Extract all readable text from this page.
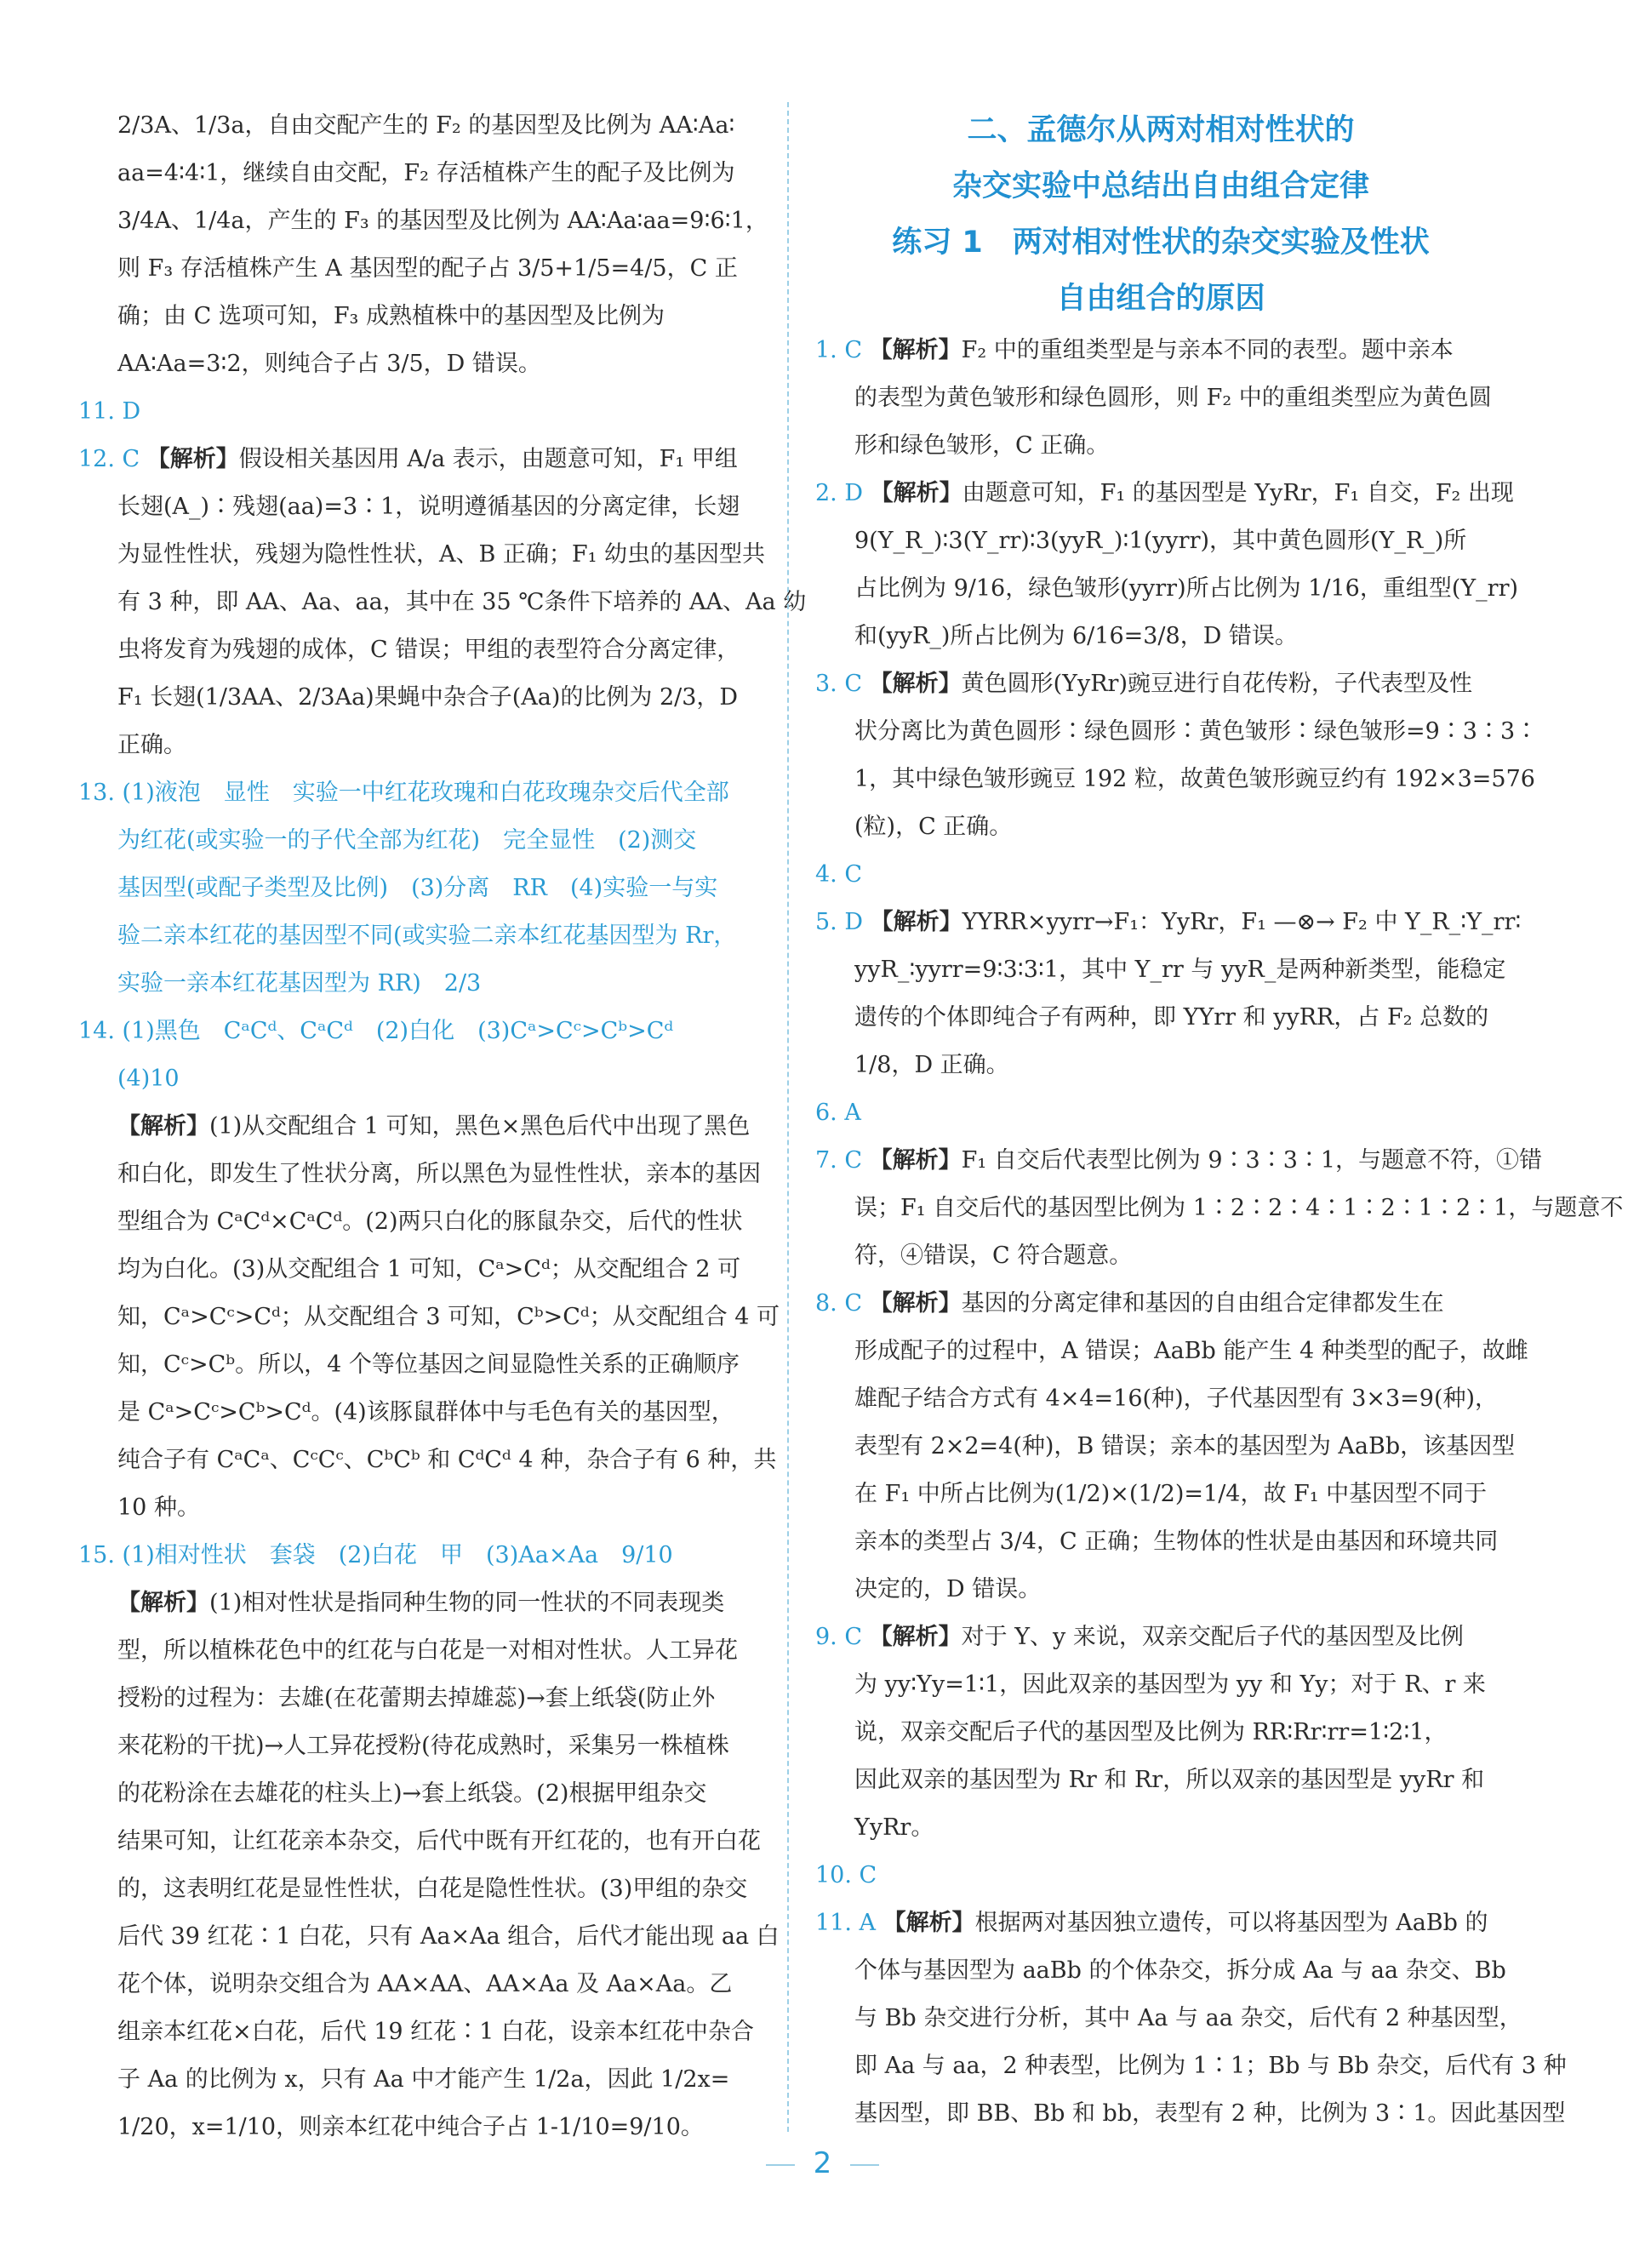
2/3A、1/3a，自由交配产生的 F₂ 的基因型及比例为 AA∶Aa∶

aa=4∶4∶1，继续自由交配，F₂ 存活植株产生的配子及比例为

3/4A、1/4a，产生的 F₃ 的基因型及比例为 AA∶Aa∶aa=9∶6∶1，

则 F₃ 存活植株产生 A 基因型的配子占 3/5+1/5=4/5，C 正

确；由 C 选项可知，F₃ 成熟植株中的基因型及比例为

AA∶Aa=3∶2，则纯合子占 3/5，D 错误。

11. D

12. C 【解析】假设相关基因用 A/a 表示，由题意可知，F₁ 甲组

长翅(A_)∶残翅(aa)=3∶1，说明遵循基因的分离定律，长翅

为显性性状，残翅为隐性性状，A、B 正确；F₁ 幼虫的基因型共

有 3 种，即 AA、Aa、aa，其中在 35 ℃条件下培养的 AA、Aa 幼

虫将发育为残翅的成体，C 错误；甲组的表型符合分离定律，

F₁ 长翅(1/3AA、2/3Aa)果蝇中杂合子(Aa)的比例为 2/3，D

正确。

13. (1)液泡　显性　实验一中红花玫瑰和白花玫瑰杂交后代全部

为红花(或实验一的子代全部为红花)　完全显性　(2)测交

基因型(或配子类型及比例)　(3)分离　RR　(4)实验一与实

验二亲本红花的基因型不同(或实验二亲本红花基因型为 Rr，

实验一亲本红花基因型为 RR)　2/3

14. (1)黑色　CᵃCᵈ、CᵃCᵈ　(2)白化　(3)Cᵃ>Cᶜ>Cᵇ>Cᵈ

(4)10

【解析】(1)从交配组合 1 可知，黑色×黑色后代中出现了黑色

和白化，即发生了性状分离，所以黑色为显性性状，亲本的基因

型组合为 CᵃCᵈ×CᵃCᵈ。(2)两只白化的豚鼠杂交，后代的性状

均为白化。(3)从交配组合 1 可知，Cᵃ>Cᵈ；从交配组合 2 可

知，Cᵃ>Cᶜ>Cᵈ；从交配组合 3 可知，Cᵇ>Cᵈ；从交配组合 4 可

知，Cᶜ>Cᵇ。所以，4 个等位基因之间显隐性关系的正确顺序

是 Cᵃ>Cᶜ>Cᵇ>Cᵈ。(4)该豚鼠群体中与毛色有关的基因型，

纯合子有 CᵃCᵃ、CᶜCᶜ、CᵇCᵇ 和 CᵈCᵈ 4 种，杂合子有 6 种，共

10 种。

15. (1)相对性状　套袋　(2)白花　甲　(3)Aa×Aa　9/10

【解析】(1)相对性状是指同种生物的同一性状的不同表现类

型，所以植株花色中的红花与白花是一对相对性状。人工异花

授粉的过程为：去雄(在花蕾期去掉雄蕊)→套上纸袋(防止外

来花粉的干扰)→人工异花授粉(待花成熟时，采集另一株植株

的花粉涂在去雄花的柱头上)→套上纸袋。(2)根据甲组杂交

结果可知，让红花亲本杂交，后代中既有开红花的，也有开白花

的，这表明红花是显性性状，白花是隐性性状。(3)甲组的杂交

后代 39 红花∶1 白花，只有 Aa×Aa 组合，后代才能出现 aa 白

花个体，说明杂交组合为 AA×AA、AA×Aa 及 Aa×Aa。乙

组亲本红花×白花，后代 19 红花∶1 白花，设亲本红花中杂合

子 Aa 的比例为 x，只有 Aa 中才能产生 1/2a，因此 1/2x=

1/20，x=1/10，则亲本红花中纯合子占 1-1/10=9/10。

二、孟德尔从两对相对性状的

杂交实验中总结出自由组合定律

练习 1　两对相对性状的杂交实验及性状

自由组合的原因

1. C 【解析】F₂ 中的重组类型是与亲本不同的表型。题中亲本

的表型为黄色皱形和绿色圆形，则 F₂ 中的重组类型应为黄色圆

形和绿色皱形，C 正确。

2. D 【解析】由题意可知，F₁ 的基因型是 YyRr，F₁ 自交，F₂ 出现

9(Y_R_)∶3(Y_rr)∶3(yyR_)∶1(yyrr)，其中黄色圆形(Y_R_)所

占比例为 9/16，绿色皱形(yyrr)所占比例为 1/16，重组型(Y_rr)

和(yyR_)所占比例为 6/16=3/8，D 错误。

3. C 【解析】黄色圆形(YyRr)豌豆进行自花传粉，子代表型及性

状分离比为黄色圆形∶绿色圆形∶黄色皱形∶绿色皱形=9∶3∶3∶

1，其中绿色皱形豌豆 192 粒，故黄色皱形豌豆约有 192×3=576

(粒)，C 正确。

4. C

5. D 【解析】YYRR×yyrr→F₁：YyRr，F₁ —⊗→ F₂ 中 Y_R_∶Y_rr∶

yyR_∶yyrr=9∶3∶3∶1，其中 Y_rr 与 yyR_是两种新类型，能稳定

遗传的个体即纯合子有两种，即 YYrr 和 yyRR，占 F₂ 总数的

1/8，D 正确。

6. A

7. C 【解析】F₁ 自交后代表型比例为 9∶3∶3∶1，与题意不符，①错

误；F₁ 自交后代的基因型比例为 1∶2∶2∶4∶1∶2∶1∶2∶1，与题意不

符，④错误，C 符合题意。

8. C 【解析】基因的分离定律和基因的自由组合定律都发生在

形成配子的过程中，A 错误；AaBb 能产生 4 种类型的配子，故雌

雄配子结合方式有 4×4=16(种)，子代基因型有 3×3=9(种)，

表型有 2×2=4(种)，B 错误；亲本的基因型为 AaBb，该基因型

在 F₁ 中所占比例为(1/2)×(1/2)=1/4，故 F₁ 中基因型不同于

亲本的类型占 3/4，C 正确；生物体的性状是由基因和环境共同

决定的，D 错误。

9. C 【解析】对于 Y、y 来说，双亲交配后子代的基因型及比例

为 yy∶Yy=1∶1，因此双亲的基因型为 yy 和 Yy；对于 R、r 来

说，双亲交配后子代的基因型及比例为 RR∶Rr∶rr=1∶2∶1，

因此双亲的基因型为 Rr 和 Rr，所以双亲的基因型是 yyRr 和

YyRr。

10. C

11. A 【解析】根据两对基因独立遗传，可以将基因型为 AaBb 的

个体与基因型为 aaBb 的个体杂交，拆分成 Aa 与 aa 杂交、Bb

与 Bb 杂交进行分析，其中 Aa 与 aa 杂交，后代有 2 种基因型，

即 Aa 与 aa，2 种表型，比例为 1∶1；Bb 与 Bb 杂交，后代有 3 种

基因型，即 BB、Bb 和 bb，表型有 2 种，比例为 3∶1。因此基因型

2
